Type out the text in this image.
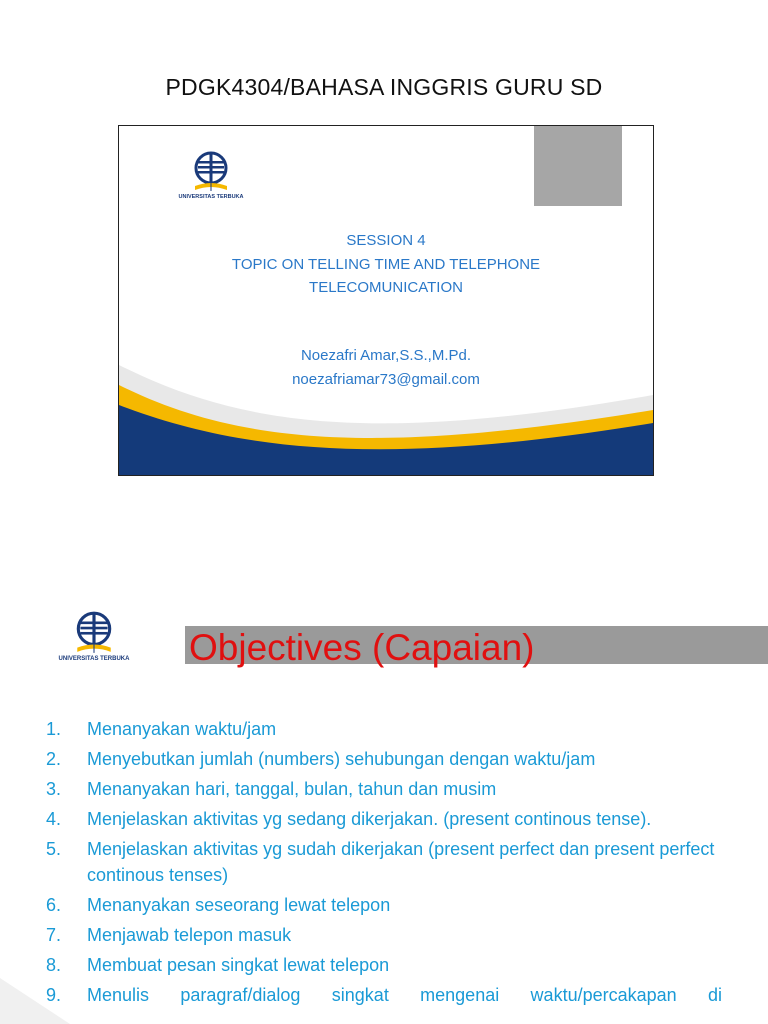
PDGK4304/BAHASA INGGRIS GURU SD
UNIVERSITAS TERBUKA
SESSION 4
TOPIC ON TELLING TIME AND TELEPHONE
TELECOMUNICATION
Noezafri Amar,S.S.,M.Pd.
noezafriamar73@gmail.com
UNIVERSITAS TERBUKA Objectives (Capaian)
1. Menanyakan waktu/jam
2. Menyebutkan jumlah (numbers) sehubungan dengan waktu/jam
3. Menanyakan hari, tanggal, bulan, tahun dan musim
4. Menjelaskan aktivitas yg sedang dikerjakan. (present continous tense).
5. Menjelaskan aktivitas yg sudah dikerjakan (present perfect dan present perfect continous tenses)
6. Menanyakan seseorang lewat telepon
7. Menjawab telepon masuk
8. Membuat pesan singkat lewat telepon
9. Menulis paragraf/dialog singkat mengenai waktu/percakapan di
